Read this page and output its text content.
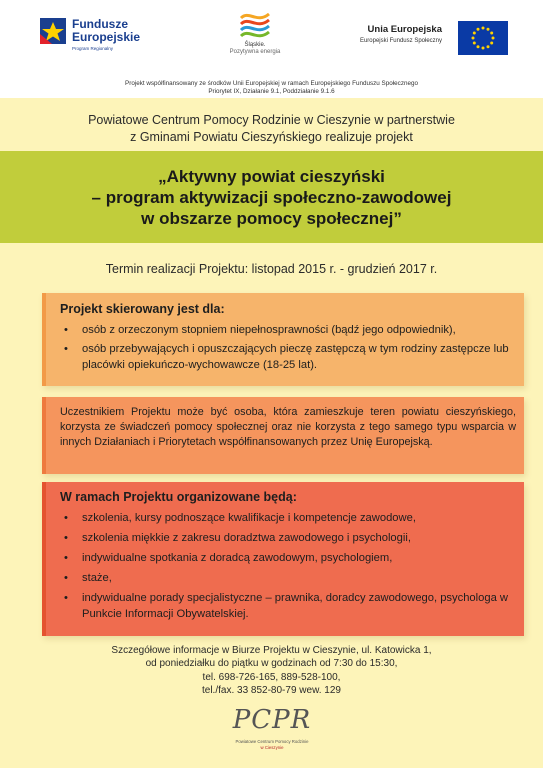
Fundusze
Europejskie
Program Regionalny
Śląskie.
Pozytywna energia
Unia Europejska
Europejski Fundusz Społeczny
Projekt współfinansowany ze środków Unii Europejskiej w ramach Europejskiego Funduszu Społecznego
Priorytet IX, Działanie 9.1, Poddziałanie 9.1.6
Powiatowe Centrum Pomocy Rodzinie w Cieszynie w partnerstwie
z Gminami Powiatu Cieszyńskiego realizuje projekt
„Aktywny powiat cieszyński
– program aktywizacji społeczno-zawodowej
w obszarze pomocy społecznej”
Termin realizacji Projektu: listopad 2015 r. - grudzień 2017 r.
Projekt skierowany jest dla:
• osób z orzeczonym stopniem niepełnosprawności (bądź jego odpowiednik),
• osób przebywających i opuszczających pieczę zastępczą w tym rodziny zastępcze lub placówki opiekuńczo-wychowawcze (18-25 lat).
Uczestnikiem Projektu może być osoba, która zamieszkuje teren powiatu cieszyńskiego, korzysta ze świadczeń pomocy społecznej oraz nie korzysta z tego samego typu wsparcia w innych Działaniach i Priorytetach współfinansowanych przez Unię Europejską.
W ramach Projektu organizowane będą:
• szkolenia, kursy podnoszące kwalifikacje i kompetencje zawodowe,
• szkolenia miękkie z zakresu doradztwa zawodowego i psychologii,
• indywidualne spotkania z doradcą zawodowym, psychologiem,
• staże,
• indywidualne porady specjalistyczne – prawnika, doradcy zawodowego, psychologa w Punkcie Informacji Obywatelskiej.
Szczegółowe informacje w Biurze Projektu w Cieszynie, ul. Katowicka 1,
od poniedziałku do piątku w godzinach od 7:30 do 15:30,
tel. 698-726-165, 889-528-100,
tel./fax. 33 852-80-79 wew. 129
PCPR
Powiatowe Centrum Pomocy Rodzinie
w Cieszynie
